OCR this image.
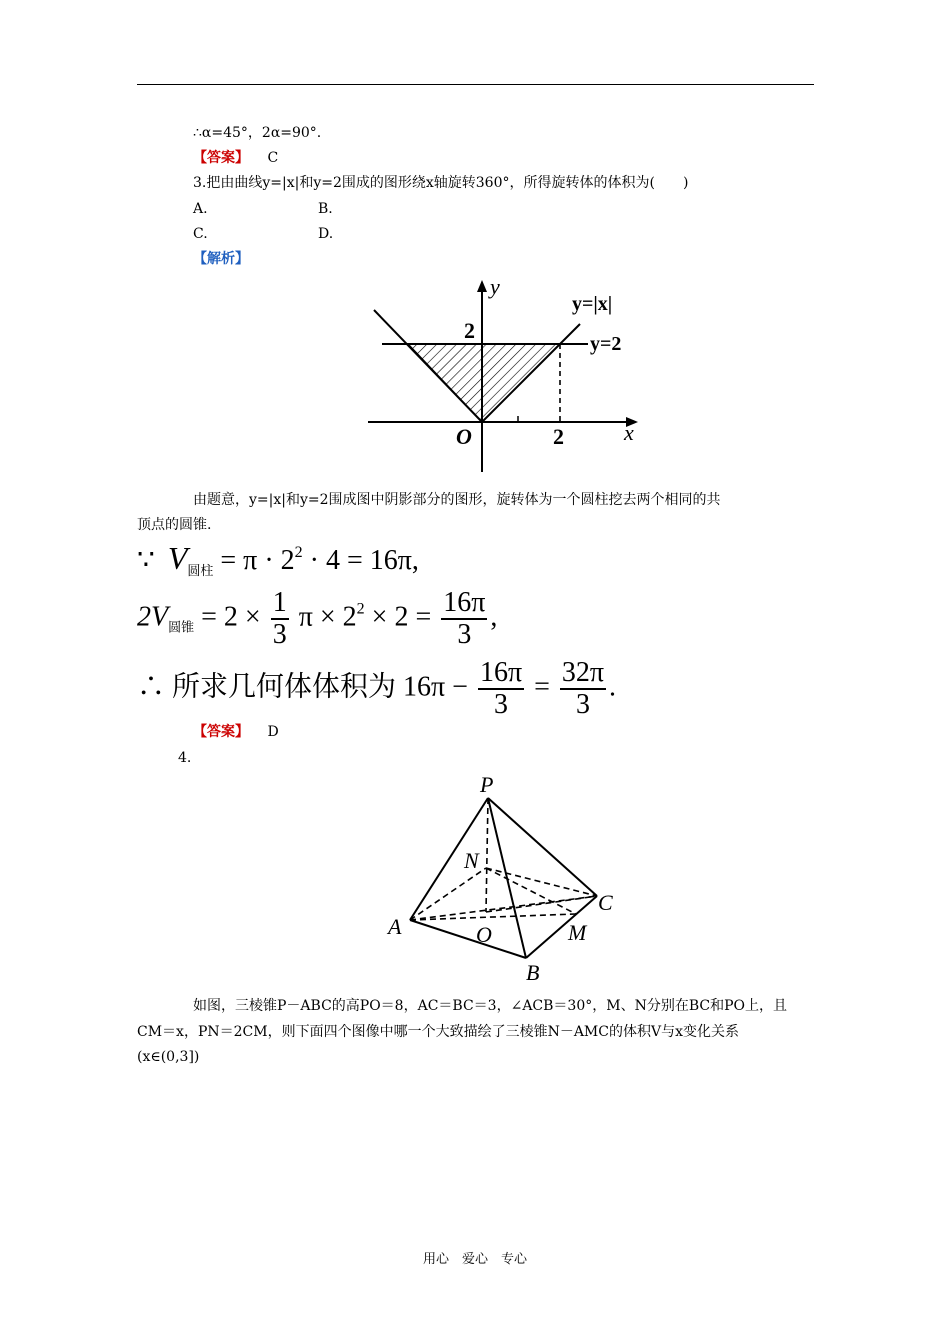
∴α=45°，2α=90°.
【答案】 C
3.把由曲线y=|x|和y=2围成的图形绕x轴旋转360°，所得旋转体的体积为(　　)
A.	B.
C.	D.
【解析】
y
x
y=|x|
y=2
2
2
O
由题意，y=|x|和y=2围成图中阴影部分的图形，旋转体为一个圆柱挖去两个相同的共
顶点的圆锥.
∵ $V_{圆柱} = \pi \cdot 2^2 \cdot 4 = 16\pi$,
$2V_{圆锥} = 2 \times \frac{1}{3}$ $\pi \times 2^2 \times 2 = \frac{16\pi}{3}$ ,
∴ 所求几何体体积为 $16\pi - \frac{16\pi}{3} = \frac{32\pi}{3}$ .
【答案】 D
4.
P
N
A	O
C
M
B
如图，三棱锥P－ABC的高PO＝8，AC＝BC＝3，∠ACB＝30°，M、N分别在BC和PO上，且
CM＝x，PN＝2CM，则下面四个图像中哪一个大致描绘了三棱锥N－AMC的体积V与x变化关系
(x∈(0,3])
用心　爱心　专心
